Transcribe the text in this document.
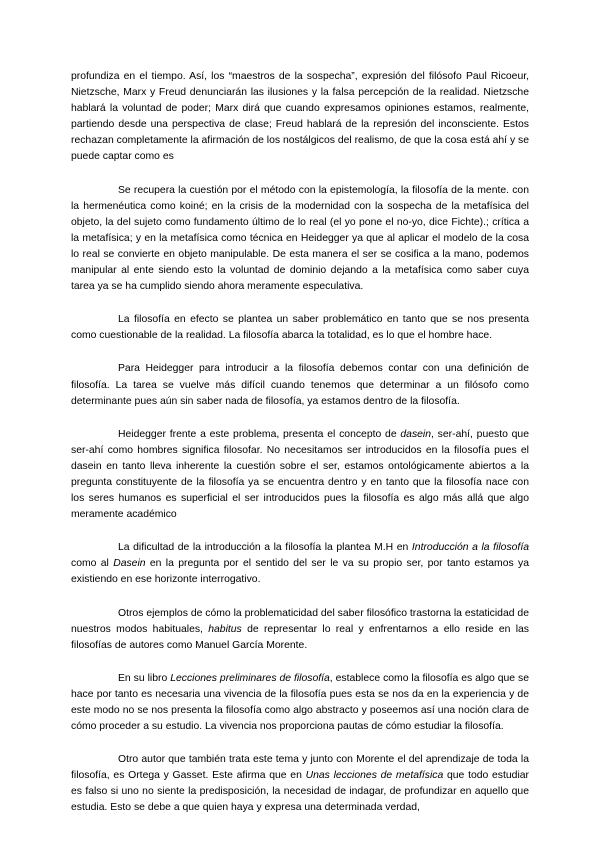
profundiza en el tiempo. Así, los “maestros de la sospecha”, expresión del filósofo Paul Ricoeur, Nietzsche, Marx y Freud denunciarán las ilusiones y la falsa percepción de la realidad. Nietzsche hablará la voluntad de poder; Marx dirá que cuando expresamos opiniones estamos, realmente, partiendo desde una perspectiva de clase; Freud hablará de la represión del inconsciente. Estos rechazan completamente la afirmación de los nostálgicos del realismo, de que la cosa está ahí y se puede captar como es

Se recupera la cuestión por el método con la epistemología, la filosofía de la mente. con la hermenéutica como koiné; en la crisis de la modernidad con la sospecha de la metafísica del objeto, la del sujeto como fundamento último de lo real (el yo pone el no-yo, dice Fichte).; crítica a la metafísica; y en la metafísica como técnica en Heidegger ya que al aplicar el modelo de la cosa lo real se convierte en objeto manipulable. De esta manera el ser se cosifica a la mano, podemos manipular al ente siendo esto la voluntad de dominio dejando a la metafísica como saber cuya tarea ya se ha cumplido siendo ahora meramente especulativa.

La filosofía en efecto se plantea un saber problemático en tanto que se nos presenta como cuestionable de la realidad. La filosofía abarca la totalidad, es lo que el hombre hace.

Para Heidegger para introducir a la filosofía debemos contar con una definición de filosofía. La tarea se vuelve más difícil cuando tenemos que determinar a un filósofo como determinante pues aún sin saber nada de filosofía, ya estamos dentro de la filosofía.

Heidegger frente a este problema, presenta el concepto de dasein, ser-ahí, puesto que ser-ahí como hombres significa filosofar. No necesitamos ser introducidos en la filosofía pues el dasein en tanto lleva inherente la cuestión sobre el ser, estamos ontológicamente abiertos a la pregunta constituyente de la filosofía ya se encuentra dentro y en tanto que la filosofía nace con los seres humanos es superficial el ser introducidos pues la filosofía es algo más allá que algo meramente académico

La dificultad de la introducción a la filosofía la plantea M.H en Introducción a la filosofía como al Dasein en la pregunta por el sentido del ser le va su propio ser, por tanto estamos ya existiendo en ese horizonte interrogativo.

Otros ejemplos de cómo la problematicidad del saber filosófico trastorna la estaticidad de nuestros modos habituales, habitus de representar lo real y enfrentarnos a ello reside en las filosofías de autores como Manuel García Morente.

En su libro Lecciones preliminares de filosofía, establece como la filosofía es algo que se hace por tanto es necesaria una vivencia de la filosofía pues esta se nos da en la experiencia y de este modo no se nos presenta la filosofía como algo abstracto y poseemos así una noción clara de cómo proceder a su estudio. La vivencia nos proporciona pautas de cómo estudiar la filosofía.

Otro autor que también trata este tema y junto con Morente el del aprendizaje de toda la filosofía, es Ortega y Gasset. Este afirma que en Unas lecciones de metafísica que todo estudiar es falso si uno no siente la predisposición, la necesidad de indagar, de profundizar en aquello que estudia. Esto se debe a que quien haya y expresa una determinada verdad,
